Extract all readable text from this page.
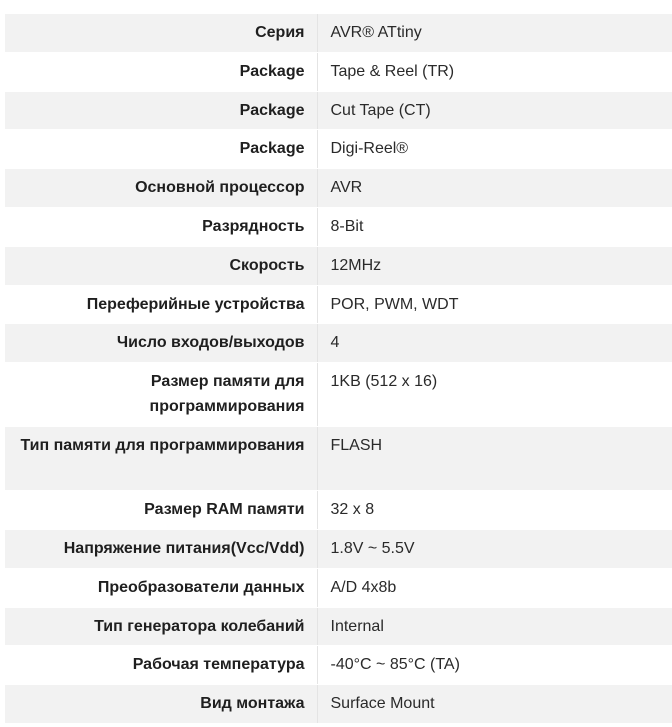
Серия	AVR® ATtiny
Package	Tape & Reel (TR)
Package	Cut Tape (CT)
Package	Digi-Reel®
Основной процессор	AVR
Разрядность	8-Bit
Скорость	12MHz
Переферийные устройства	POR, PWM, WDT
Число входов/выходов	4
Размер памяти для программирования	1KB (512 x 16)
Тип памяти для программирования	FLASH
Размер RAM памяти	32 x 8
Напряжение питания(Vcc/Vdd)	1.8V ~ 5.5V
Преобразователи данных	A/D 4x8b
Тип генератора колебаний	Internal
Рабочая температура	-40°C ~ 85°C (TA)
Вид монтажа	Surface Mount
